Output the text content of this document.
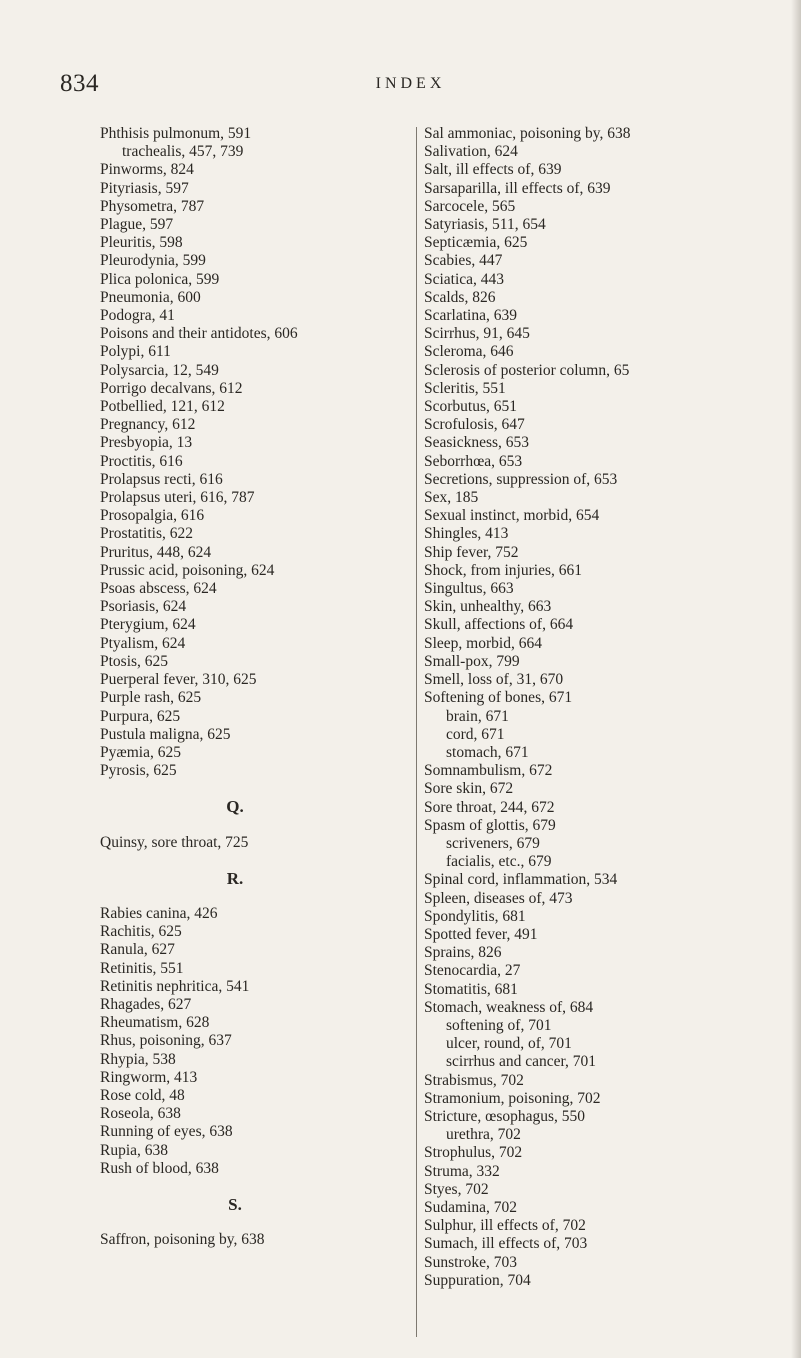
834	INDEX
Phthisis pulmonum, 591
trachealis, 457, 739
Pinworms, 824
Pityriasis, 597
Physometra, 787
Plague, 597
Pleuritis, 598
Pleurodynia, 599
Plica polonica, 599
Pneumonia, 600
Podogra, 41
Poisons and their antidotes, 606
Polypi, 611
Polysarcia, 12, 549
Porrigo decalvans, 612
Potbellied, 121, 612
Pregnancy, 612
Presbyopia, 13
Proctitis, 616
Prolapsus recti, 616
Prolapsus uteri, 616, 787
Prosopalgia, 616
Prostatitis, 622
Pruritus, 448, 624
Prussic acid, poisoning, 624
Psoas abscess, 624
Psoriasis, 624
Pterygium, 624
Ptyalism, 624
Ptosis, 625
Puerperal fever, 310, 625
Purple rash, 625
Purpura, 625
Pustula maligna, 625
Pyæmia, 625
Pyrosis, 625
Q.
Quinsy, sore throat, 725
R.
Rabies canina, 426
Rachitis, 625
Ranula, 627
Retinitis, 551
Retinitis nephritica, 541
Rhagades, 627
Rheumatism, 628
Rhus, poisoning, 637
Rhypia, 538
Ringworm, 413
Rose cold, 48
Roseola, 638
Running of eyes, 638
Rupia, 638
Rush of blood, 638
S.
Saffron, poisoning by, 638
Sal ammoniac, poisoning by, 638
Salivation, 624
Salt, ill effects of, 639
Sarsaparilla, ill effects of, 639
Sarcocele, 565
Satyriasis, 511, 654
Septicæmia, 625
Scabies, 447
Sciatica, 443
Scalds, 826
Scarlatina, 639
Scirrhus, 91, 645
Scleroma, 646
Sclerosis of posterior column, 65
Scleritis, 551
Scorbutus, 651
Scrofulosis, 647
Seasickness, 653
Seborrhœa, 653
Secretions, suppression of, 653
Sex, 185
Sexual instinct, morbid, 654
Shingles, 413
Ship fever, 752
Shock, from injuries, 661
Singultus, 663
Skin, unhealthy, 663
Skull, affections of, 664
Sleep, morbid, 664
Small-pox, 799
Smell, loss of, 31, 670
Softening of bones, 671
brain, 671
cord, 671
stomach, 671
Somnambulism, 672
Sore skin, 672
Sore throat, 244, 672
Spasm of glottis, 679
scriveners, 679
facialis, etc., 679
Spinal cord, inflammation, 534
Spleen, diseases of, 473
Spondylitis, 681
Spotted fever, 491
Sprains, 826
Stenocardia, 27
Stomatitis, 681
Stomach, weakness of, 684
softening of, 701
ulcer, round, of, 701
scirrhus and cancer, 701
Strabismus, 702
Stramonium, poisoning, 702
Stricture, œsophagus, 550
urethra, 702
Strophulus, 702
Struma, 332
Styes, 702
Sudamina, 702
Sulphur, ill effects of, 702
Sumach, ill effects of, 703
Sunstroke, 703
Suppuration, 704
